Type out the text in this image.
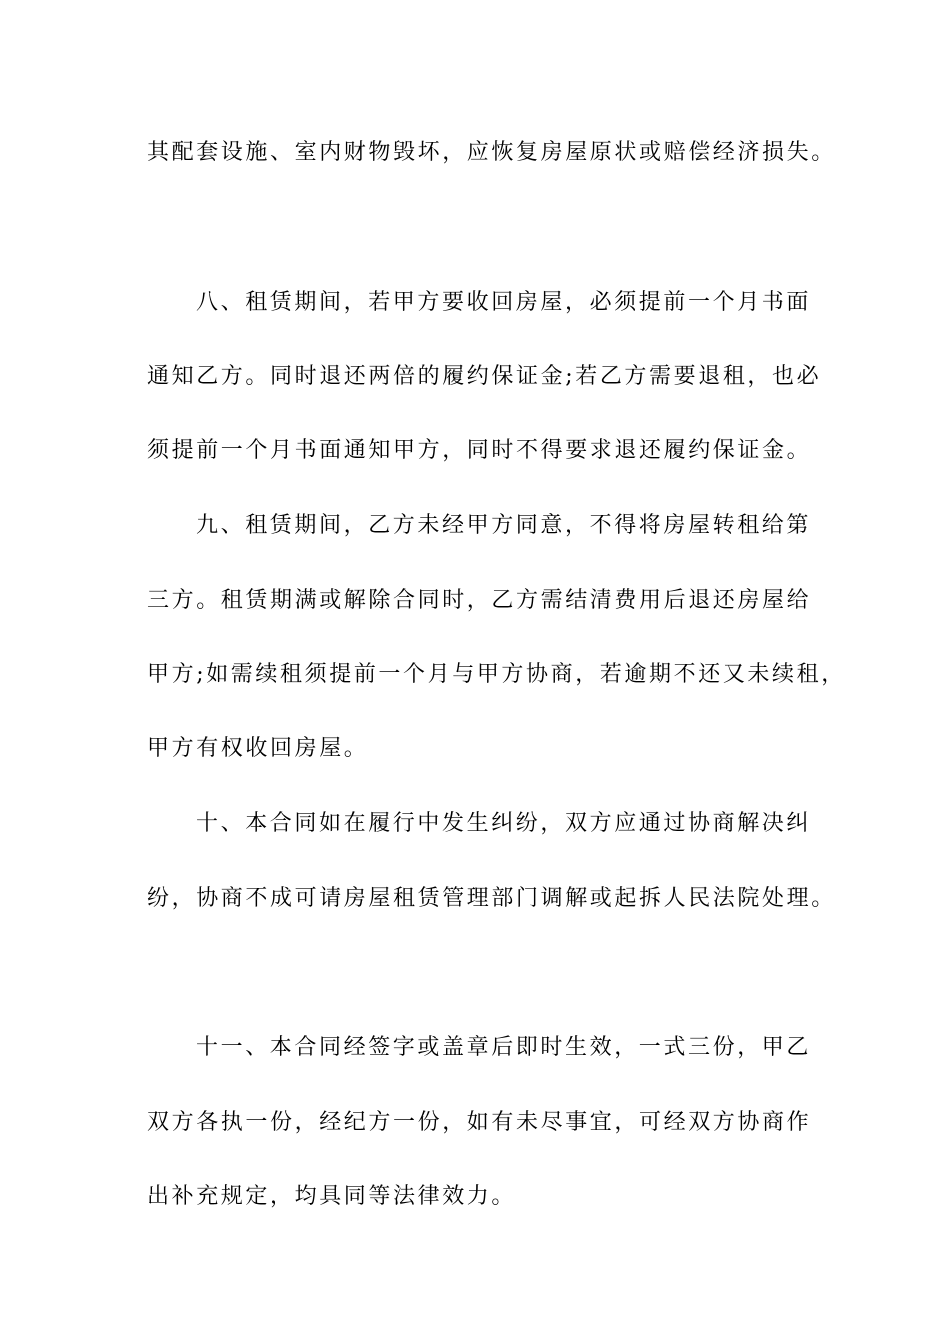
其配套设施、室内财物毁坏，应恢复房屋原状或赔偿经济损失。
八、租赁期间，若甲方要收回房屋，必须提前一个月书面
通知乙方。同时退还两倍的履约保证金;若乙方需要退租，也必
须提前一个月书面通知甲方，同时不得要求退还履约保证金。
九、租赁期间，乙方未经甲方同意，不得将房屋转租给第
三方。租赁期满或解除合同时，乙方需结清费用后退还房屋给
甲方;如需续租须提前一个月与甲方协商，若逾期不还又未续租，
甲方有权收回房屋。
十、本合同如在履行中发生纠纷，双方应通过协商解决纠
纷，协商不成可请房屋租赁管理部门调解或起拆人民法院处理。
十一、本合同经签字或盖章后即时生效，一式三份，甲乙
双方各执一份，经纪方一份，如有未尽事宜，可经双方协商作
出补充规定，均具同等法律效力。
